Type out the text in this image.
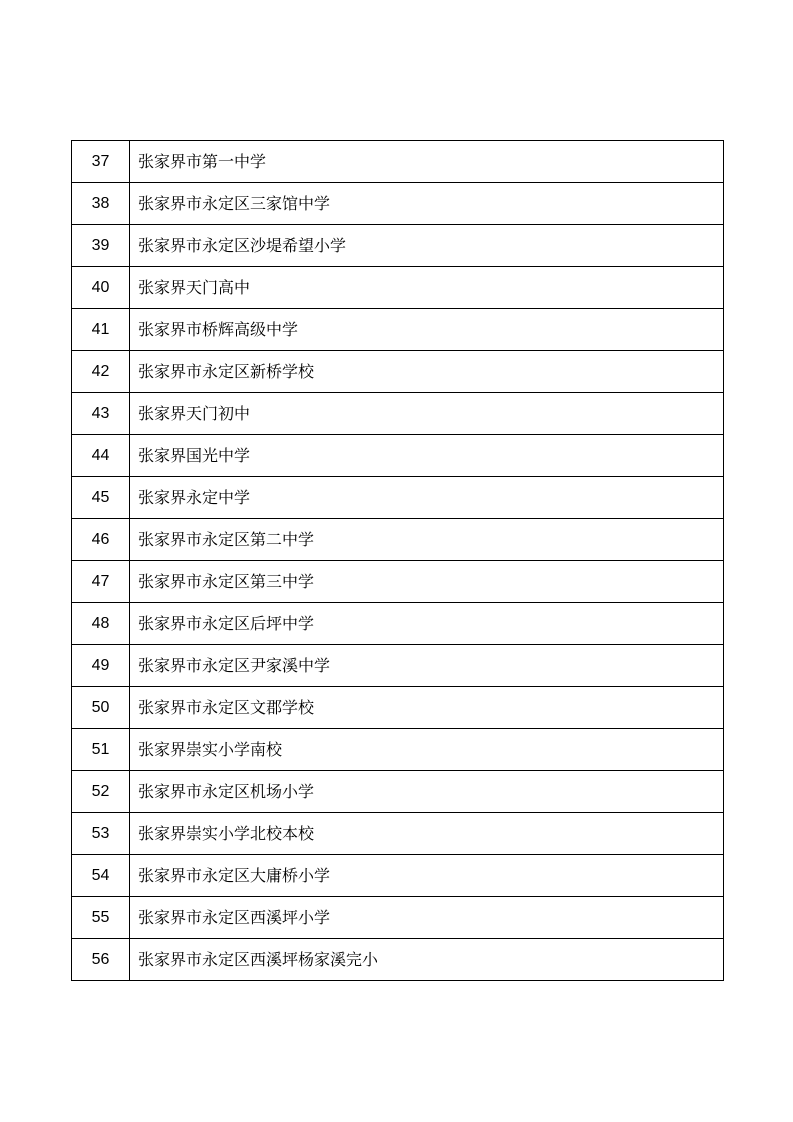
37	张家界市第一中学
38	张家界市永定区三家馆中学
39	张家界市永定区沙堤希望小学
40	张家界天门高中
41	张家界市桥辉高级中学
42	张家界市永定区新桥学校
43	张家界天门初中
44	张家界国光中学
45	张家界永定中学
46	张家界市永定区第二中学
47	张家界市永定区第三中学
48	张家界市永定区后坪中学
49	张家界市永定区尹家溪中学
50	张家界市永定区文郡学校
51	张家界崇实小学南校
52	张家界市永定区机场小学
53	张家界崇实小学北校本校
54	张家界市永定区大庸桥小学
55	张家界市永定区西溪坪小学
56	张家界市永定区西溪坪杨家溪完小
